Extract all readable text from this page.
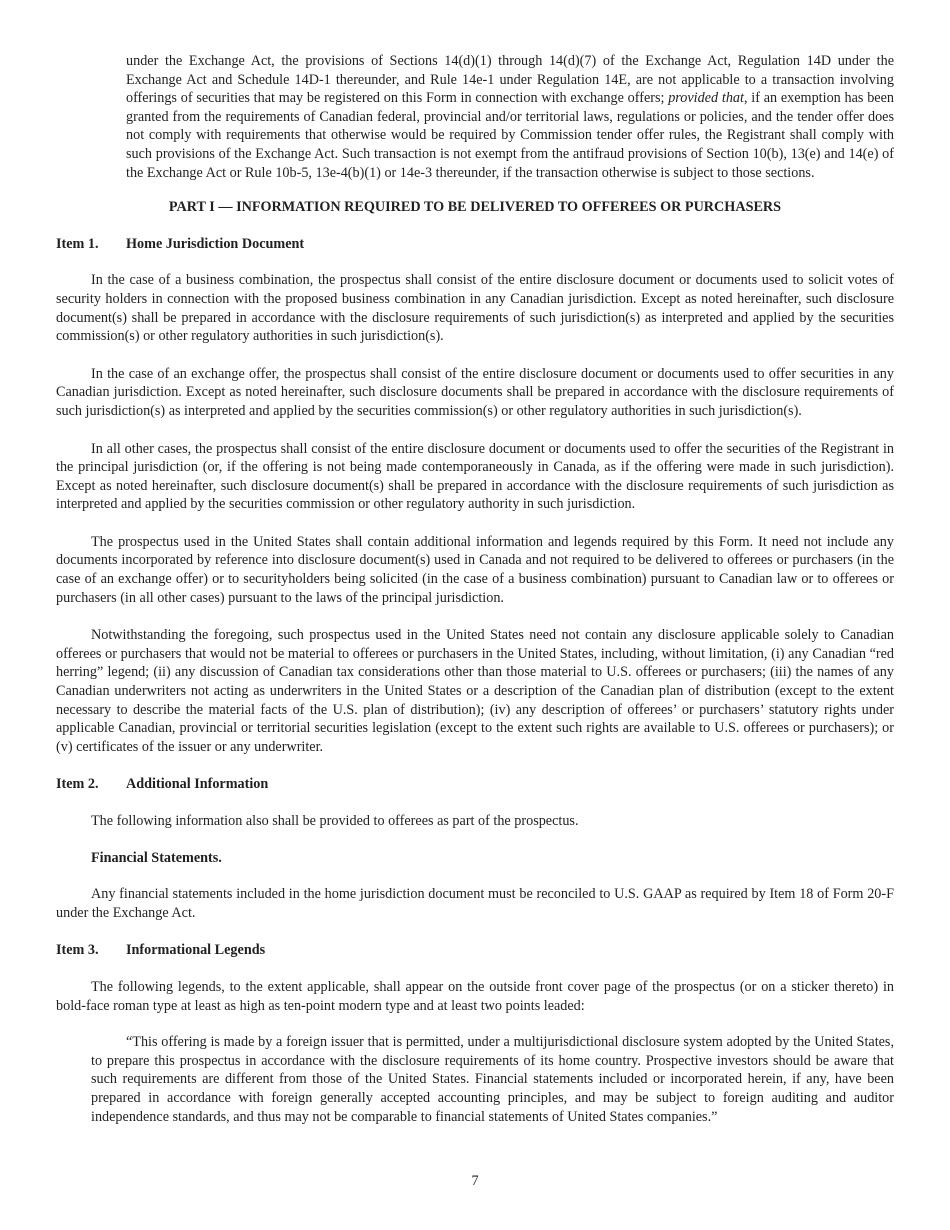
under the Exchange Act, the provisions of Sections 14(d)(1) through 14(d)(7) of the Exchange Act, Regulation 14D under the Exchange Act and Schedule 14D-1 thereunder, and Rule 14e-1 under Regulation 14E, are not applicable to a transaction involving offerings of securities that may be registered on this Form in connection with exchange offers; provided that, if an exemption has been granted from the requirements of Canadian federal, provincial and/or territorial laws, regulations or policies, and the tender offer does not comply with requirements that otherwise would be required by Commission tender offer rules, the Registrant shall comply with such provisions of the Exchange Act. Such transaction is not exempt from the antifraud provisions of Section 10(b), 13(e) and 14(e) of the Exchange Act or Rule 10b-5, 13e-4(b)(1) or 14e-3 thereunder, if the transaction otherwise is subject to those sections.

PART I — INFORMATION REQUIRED TO BE DELIVERED TO OFFEREES OR PURCHASERS

Item 1. Home Jurisdiction Document

In the case of a business combination, the prospectus shall consist of the entire disclosure document or documents used to solicit votes of security holders in connection with the proposed business combination in any Canadian jurisdiction. Except as noted hereinafter, such disclosure document(s) shall be prepared in accordance with the disclosure requirements of such jurisdiction(s) as interpreted and applied by the securities commission(s) or other regulatory authorities in such jurisdiction(s).

In the case of an exchange offer, the prospectus shall consist of the entire disclosure document or documents used to offer securities in any Canadian jurisdiction. Except as noted hereinafter, such disclosure documents shall be prepared in accordance with the disclosure requirements of such jurisdiction(s) as interpreted and applied by the securities commission(s) or other regulatory authorities in such jurisdiction(s).

In all other cases, the prospectus shall consist of the entire disclosure document or documents used to offer the securities of the Registrant in the principal jurisdiction (or, if the offering is not being made contemporaneously in Canada, as if the offering were made in such jurisdiction). Except as noted hereinafter, such disclosure document(s) shall be prepared in accordance with the disclosure requirements of such jurisdiction as interpreted and applied by the securities commission or other regulatory authority in such jurisdiction.

The prospectus used in the United States shall contain additional information and legends required by this Form. It need not include any documents incorporated by reference into disclosure document(s) used in Canada and not required to be delivered to offerees or purchasers (in the case of an exchange offer) or to securityholders being solicited (in the case of a business combination) pursuant to Canadian law or to offerees or purchasers (in all other cases) pursuant to the laws of the principal jurisdiction.

Notwithstanding the foregoing, such prospectus used in the United States need not contain any disclosure applicable solely to Canadian offerees or purchasers that would not be material to offerees or purchasers in the United States, including, without limitation, (i) any Canadian “red herring” legend; (ii) any discussion of Canadian tax considerations other than those material to U.S. offerees or purchasers; (iii) the names of any Canadian underwriters not acting as underwriters in the United States or a description of the Canadian plan of distribution (except to the extent necessary to describe the material facts of the U.S. plan of distribution); (iv) any description of offerees’ or purchasers’ statutory rights under applicable Canadian, provincial or territorial securities legislation (except to the extent such rights are available to U.S. offerees or purchasers); or (v) certificates of the issuer or any underwriter.

Item 2. Additional Information

The following information also shall be provided to offerees as part of the prospectus.

Financial Statements.

Any financial statements included in the home jurisdiction document must be reconciled to U.S. GAAP as required by Item 18 of Form 20-F under the Exchange Act.

Item 3. Informational Legends

The following legends, to the extent applicable, shall appear on the outside front cover page of the prospectus (or on a sticker thereto) in bold-face roman type at least as high as ten-point modern type and at least two points leaded:

“This offering is made by a foreign issuer that is permitted, under a multijurisdictional disclosure system adopted by the United States, to prepare this prospectus in accordance with the disclosure requirements of its home country. Prospective investors should be aware that such requirements are different from those of the United States. Financial statements included or incorporated herein, if any, have been prepared in accordance with foreign generally accepted accounting principles, and may be subject to foreign auditing and auditor independence standards, and thus may not be comparable to financial statements of United States companies.”

7
